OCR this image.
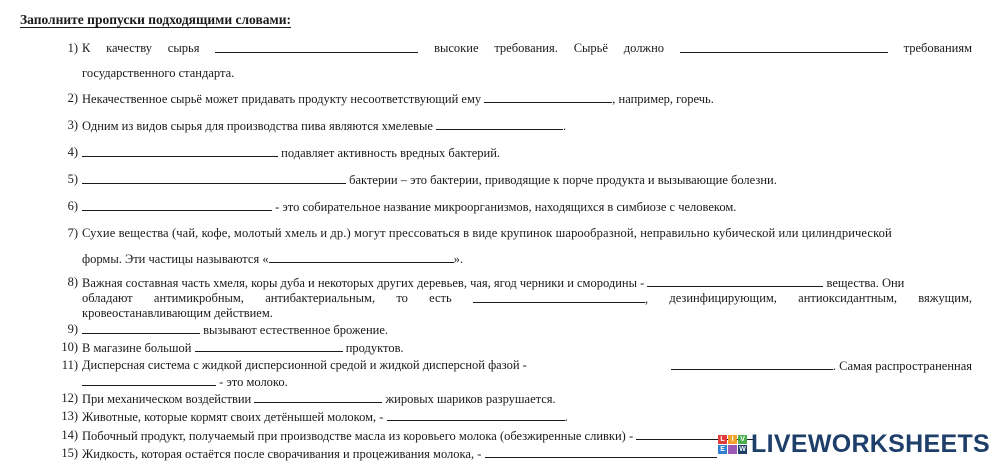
Заполните пропуски подходящими словами:
1) К качеству сырья	высокие требования. Сырьё должно	требованиям
государственного стандарта.
2) Некачественное сырьё может придавать продукту несоответствующий ему	, например, горечь.
3) Одним из видов сырья для производства пива являются хмелевые	.
4)	подавляет активность вредных бактерий.
5)	бактерии – это бактерии, приводящие к порче продукта и вызывающие болезни.
6)	- это собирательное название микроорганизмов, находящихся в симбиозе с человеком.
7) Сухие вещества (чай, кофе, молотый хмель и др.) могут прессоваться в виде крупинок шарообразной, неправильно кубической или цилиндрической
формы. Эти частицы называются «	».
8) Важная составная часть хмеля, коры дуба и некоторых других деревьев, чая, ягод черники и смородины -	вещества. Они
обладают антимикробным, антибактериальным, то есть	, дезинфицирующим, антиоксидантным, вяжущим,
кровеостанавливающим действием.
9)	вызывают естественное брожение.
10) В магазине большой	продуктов.
11) Дисперсная система с жидкой дисперсионной средой и жидкой дисперсной фазой -	. Самая распространенная
- это молоко.
12) При механическом воздействии	жировых шариков разрушается.
13) Животные, которые кормят своих детёнышей молоком, -	.
14) Побочный продукт, получаемый при производстве масла из коровьего молока (обезжиренные сливки) -
15) Жидкость, которая остаётся после сворачивания и процеживания молока, -
L I V
E	W LIVEWORKSHEETS
